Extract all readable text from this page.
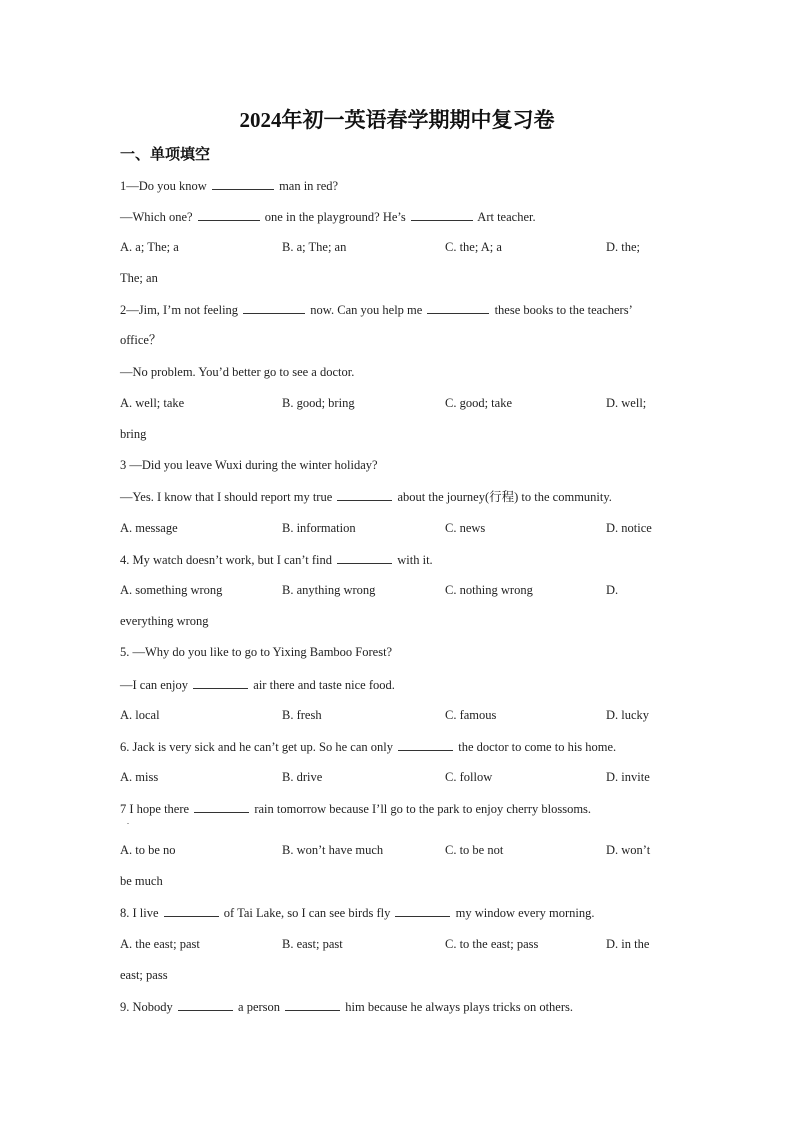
2024年初一英语春学期期中复习卷
一、单项填空
1—Do you know	man in red?
—Which one?	one in the playground? He’s	Art teacher.
A. a; The; a	B. a; The; an	C. the; A; a	D. the;
The; an
2—Jim, I’m not feeling	now. Can you help me	these books to the teachers’
office？
—No problem. You’d better go to see a doctor.
A. well; take	B. good; bring	C. good; take	D. well;
bring
3 —Did you leave Wuxi during the winter holiday?
—Yes. I know that I should report my true	about the journey(行程) to the community.
A. message	B. information	C. news	D. notice
4. My watch doesn’t work, but I can’t find	with it.
A. something wrong	B. anything wrong	C. nothing wrong	D.
everything wrong
5. —Why do you like to go to Yixing Bamboo Forest?
—I can enjoy	air there and taste nice food.
A. local	B. fresh	C. famous	D. lucky
6. Jack is very sick and he can’t get up. So he can only	the doctor to come to his home.
A. miss	B. drive	C. follow	D. invite
7 I hope there	rain tomorrow because I’ll go to the park to enjoy cherry blossoms.
.
A. to be no	B. won’t have much	C. to be not	D. won’t
be much
8. I live	of Tai Lake, so I can see birds fly	my window every morning.
A. the east; past	B. east; past	C. to the east; pass	D. in the
east; pass
9. Nobody	a person	him because he always plays tricks on others.
